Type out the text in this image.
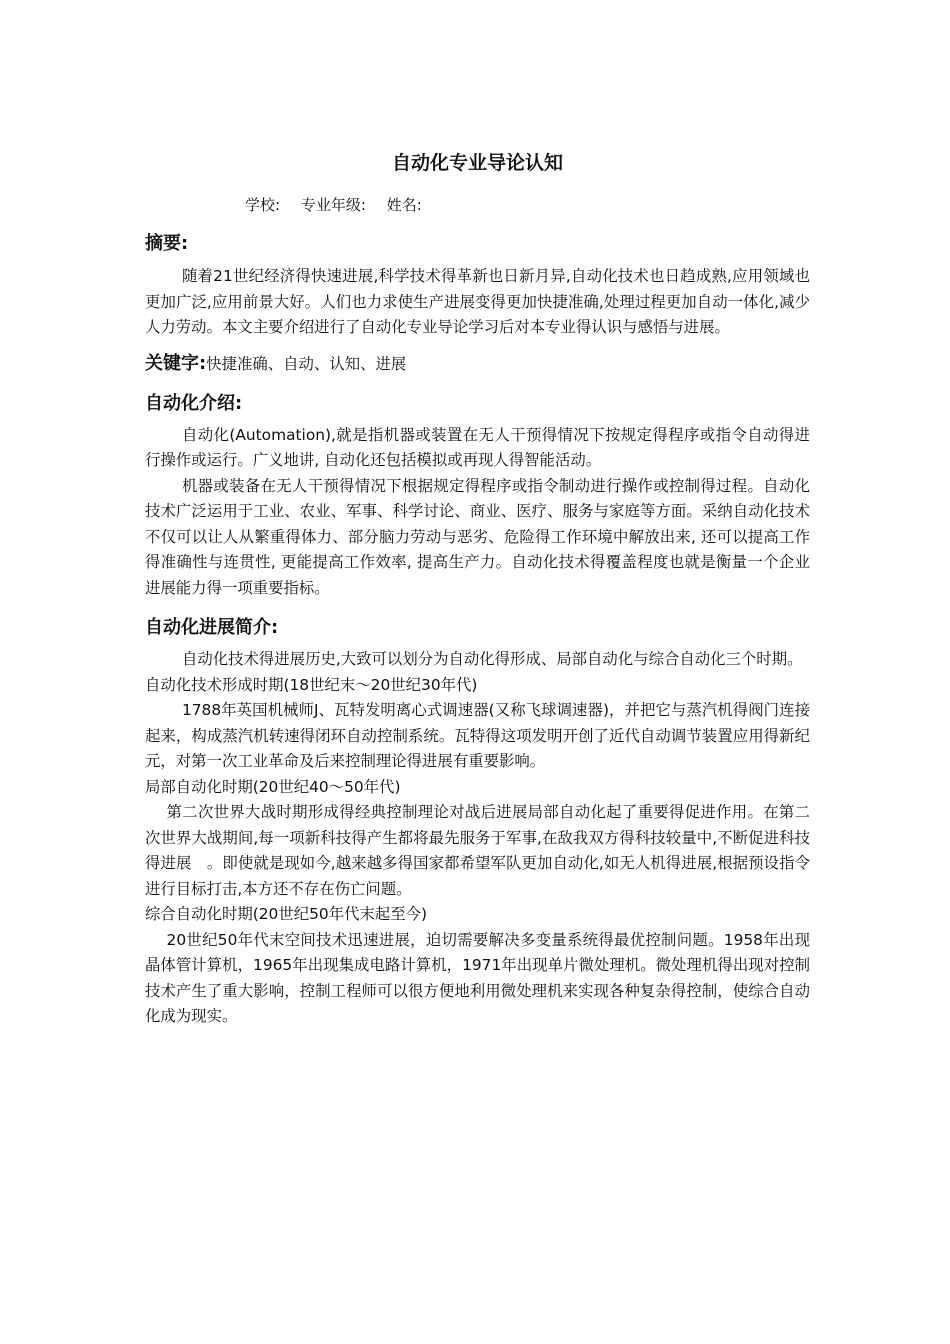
自动化专业导论认知
学校: 专业年级: 姓名:
摘要:

随着21世纪经济得快速进展,科学技术得革新也日新月异,自动化技术也日趋成熟,应用领域也更加广泛,应用前景大好。人们也力求使生产进展变得更加快捷准确,处理过程更加自动一体化,减少人力劳动。本文主要介绍进行了自动化专业导论学习后对本专业得认识与感悟与进展。

关键字:快捷准确、自动、认知、进展
自动化介绍:

自动化(Automation),就是指机器或装置在无人干预得情况下按规定得程序或指令自动得进行操作或运行。广义地讲, 自动化还包括模拟或再现人得智能活动。

机器或装备在无人干预得情况下根据规定得程序或指令制动进行操作或控制得过程。自动化技术广泛运用于工业、农业、军事、科学讨论、商业、医疗、服务与家庭等方面。采纳自动化技术不仅可以让人从繁重得体力、部分脑力劳动与恶劣、危险得工作环境中解放出来, 还可以提高工作得准确性与连贯性, 更能提高工作效率, 提高生产力。自动化技术得覆盖程度也就是衡量一个企业进展能力得一项重要指标。

自动化进展简介:

自动化技术得进展历史,大致可以划分为自动化得形成、局部自动化与综合自动化三个时期。

自动化技术形成时期(18世纪末～20世纪30年代)

1788年英国机械师J、瓦特发明离心式调速器(又称飞球调速器)，并把它与蒸汽机得阀门连接起来，构成蒸汽机转速得闭环自动控制系统。瓦特得这项发明开创了近代自动调节装置应用得新纪元，对第一次工业革命及后来控制理论得进展有重要影响。

局部自动化时期(20世纪40～50年代)

第二次世界大战时期形成得经典控制理论对战后进展局部自动化起了重要得促进作用。在第二次世界大战期间,每一项新科技得产生都将最先服务于军事,在敌我双方得科技较量中,不断促进科技得进展　。即使就是现如今,越来越多得国家都希望军队更加自动化,如无人机得进展,根据预设指令进行目标打击,本方还不存在伤亡问题。

综合自动化时期(20世纪50年代末起至今)

20世纪50年代末空间技术迅速进展，迫切需要解决多变量系统得最优控制问题。1958年出现晶体管计算机，1965年出现集成电路计算机，1971年出现单片微处理机。微处理机得出现对控制技术产生了重大影响，控制工程师可以很方便地利用微处理机来实现各种复杂得控制，使综合自动化成为现实。
